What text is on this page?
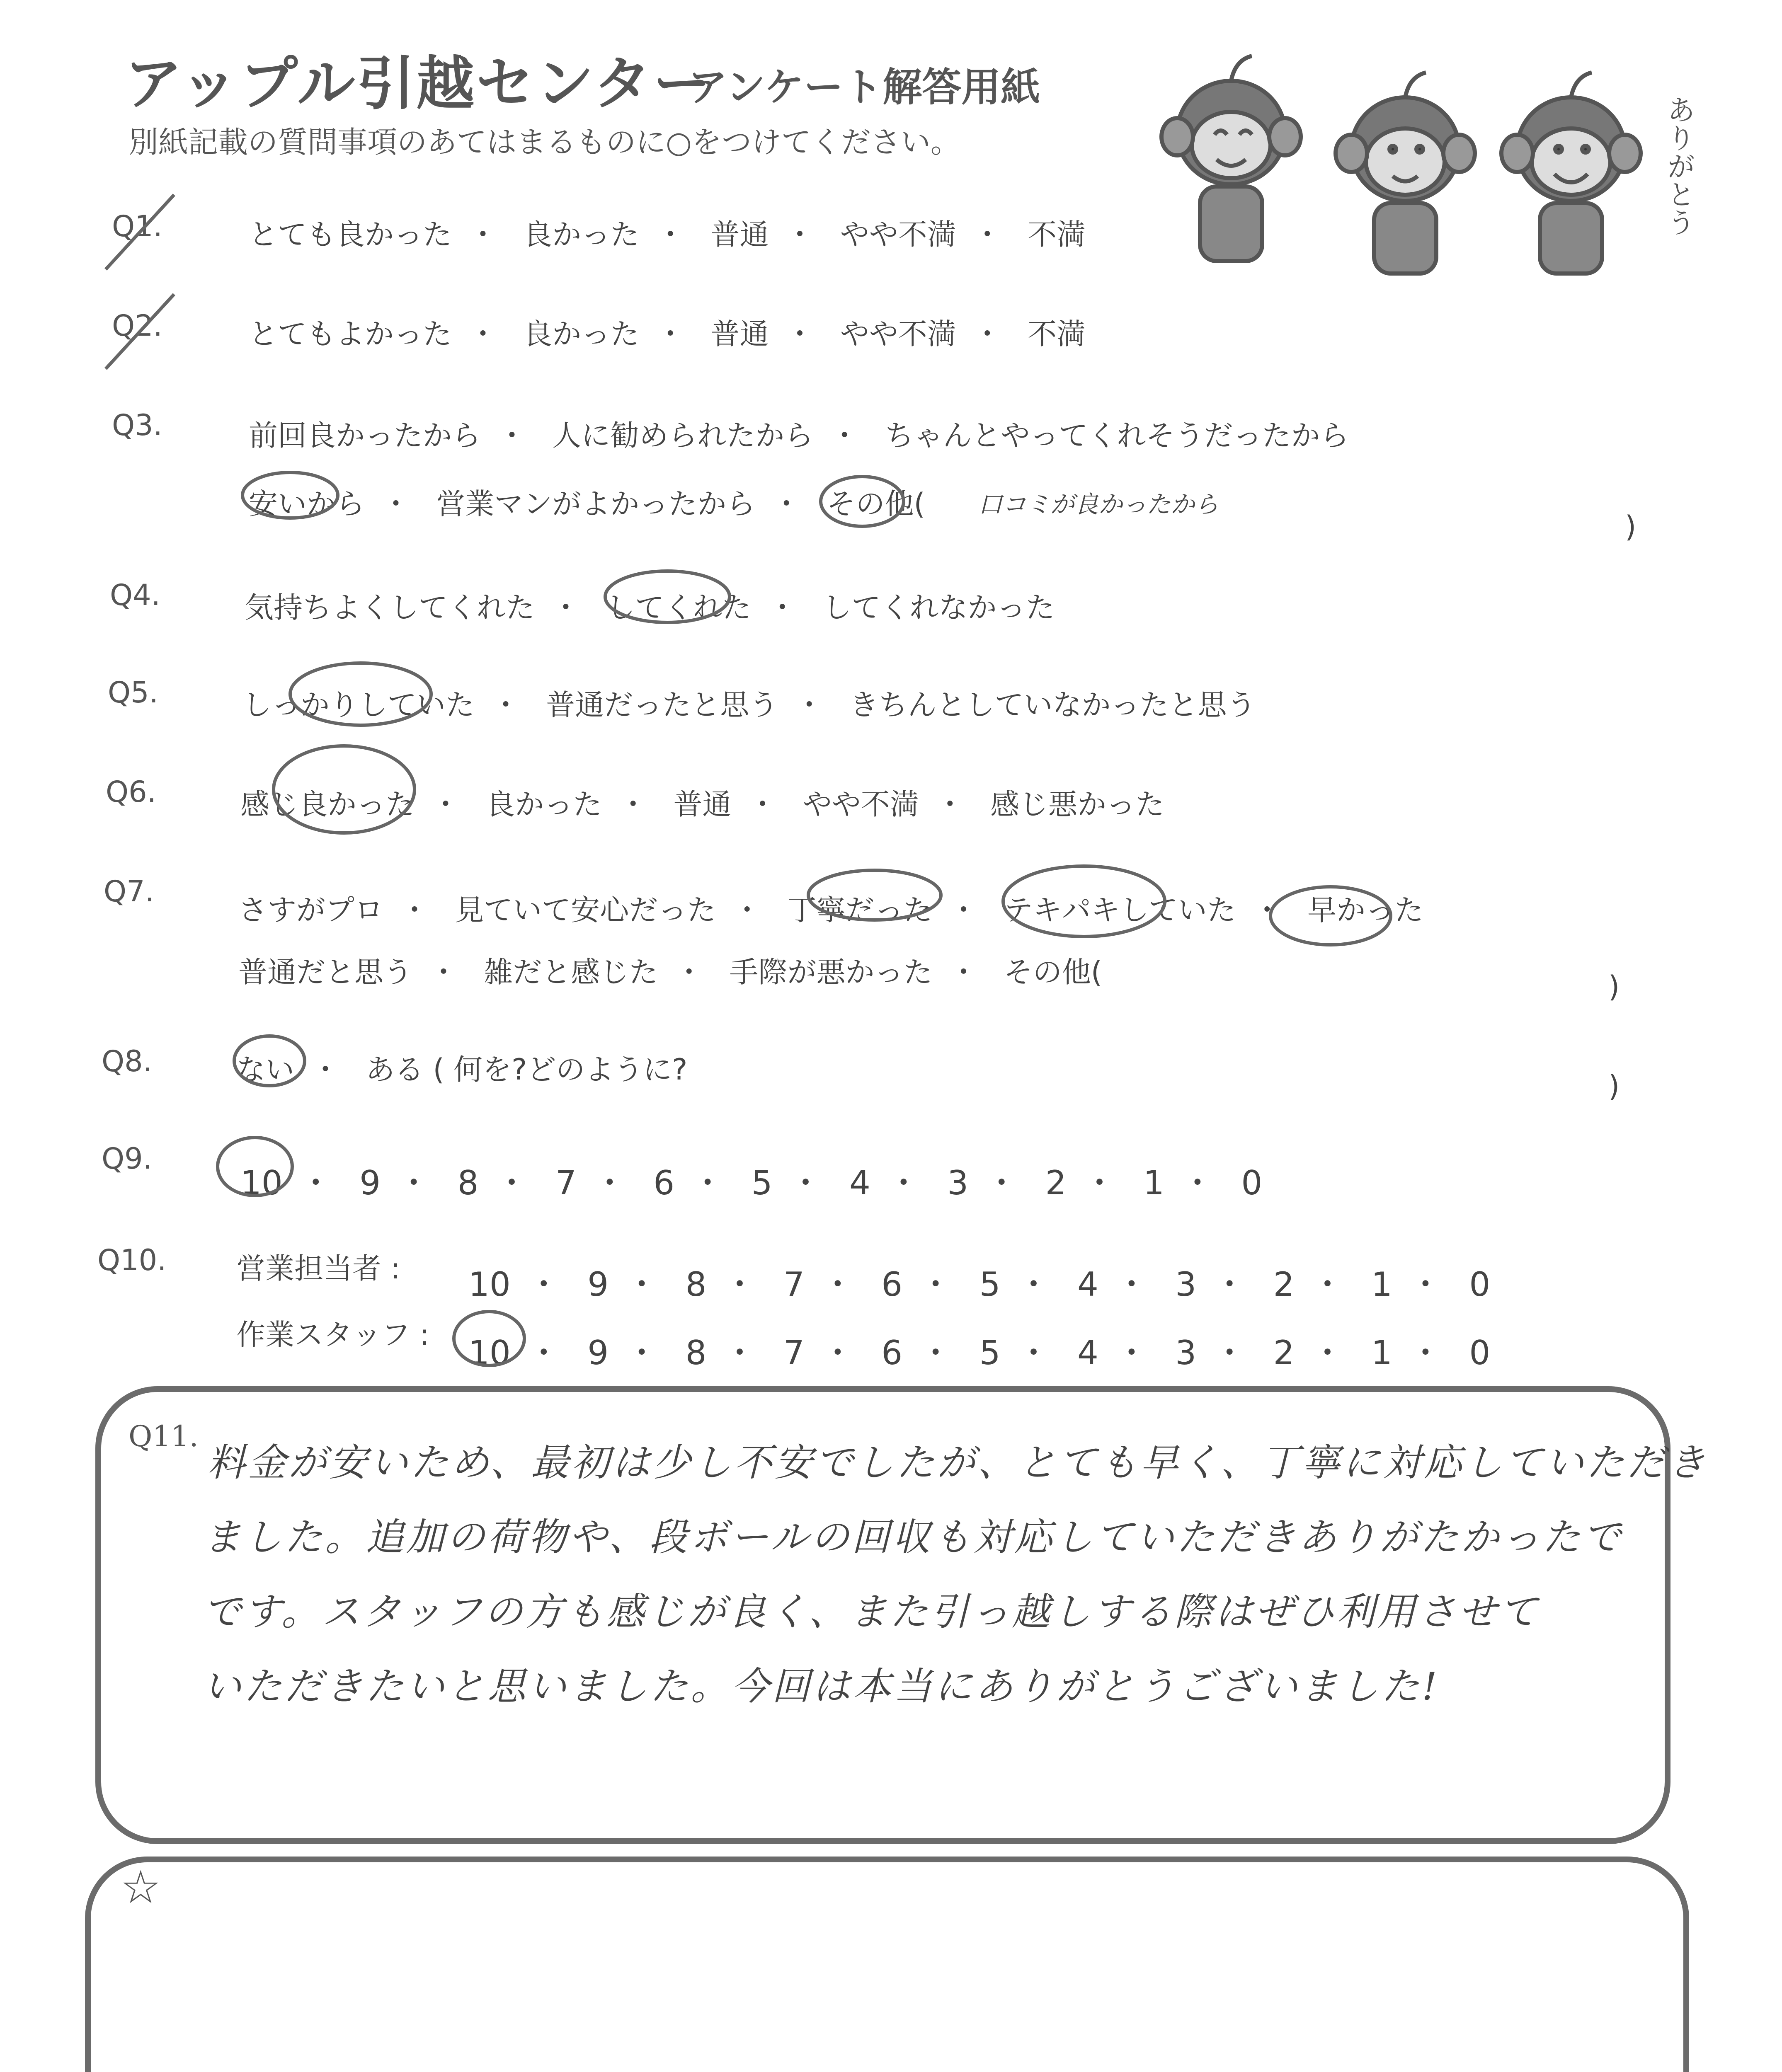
アップル引越センター
アンケート解答用紙
別紙記載の質問事項のあてはまるものに○をつけてください。	ありがとう
Q1.	とても良かった ・ 良かった ・ 普通 ・ やや不満 ・ 不満
Q2.	とてもよかった ・ 良かった ・ 普通 ・ やや不満 ・ 不満
Q3.	前回良かったから ・ 人に勧められたから ・ ちゃんとやってくれそうだったから
安いから ・ 営業マンがよかったから ・ その他( 口コミが良かったから
)
Q4.	気持ちよくしてくれた ・ してくれた ・ してくれなかった
Q5.	しっかりしていた ・ 普通だったと思う ・ きちんとしていなかったと思う
Q6.	感じ良かった ・ 良かった ・ 普通 ・ やや不満 ・ 感じ悪かった
Q7.
さすがプロ ・ 見ていて安心だった ・ 丁寧だった ・ テキパキしていた ・ 早かった
普通だと思う ・ 雑だと感じた ・ 手際が悪かった ・ その他(	)
Q8.	ない ・ ある ( 何を?どのように?	)
Q9.
10 ・ 9 ・ 8 ・ 7 ・ 6 ・ 5 ・ 4 ・ 3 ・ 2 ・ 1 ・ 0
Q10. 営業担当者 : 10 ・ 9 ・ 8 ・ 7 ・ 6 ・ 5 ・ 4 ・ 3 ・ 2 ・ 1 ・ 0
作業スタッフ : 10 ・ 9 ・ 8 ・ 7 ・ 6 ・ 5 ・ 4 ・ 3 ・ 2 ・ 1 ・ 0
Q11.
料金が安いため、最初は少し不安でしたが、とても早く、丁寧に対応していただき
ました。追加の荷物や、段ボールの回収も対応していただきありがたかったで
です。スタッフの方も感じが良く、また引っ越しする際はぜひ利用させて
いただきたいと思いました。今回は本当にありがとうございました!
☆
